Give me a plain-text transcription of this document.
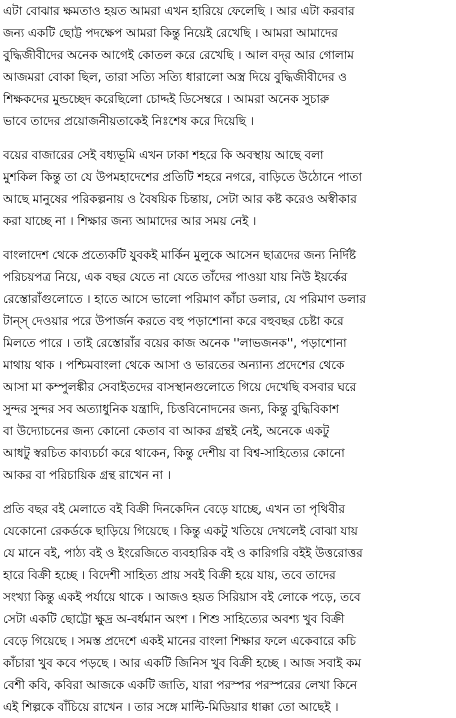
এটা বোঝার ক্ষমতাও হয়ত আমরা এখন হারিয়ে ফেলেছি । আর এটা করবার
জন্য একটি ছোট্ট পদক্ষেপ আমরা কিন্তু নিয়েই রেখেছি । আমরা আমাদের
বুদ্ধিজীবীদের অনেক আগেই কোতল করে রেখেছি । আল বদ্‌র আর গোলাম
আজমরা বোকা ছিল, তারা সত্যি সত্যি ধারালো অস্ত্র দিয়ে বুদ্ধিজীবীদের ও
শিক্ষকদের মুন্ডচ্ছেদ করেছিলো চোদ্দই ডিসেম্বরে । আমরা অনেক সুচারু
ভাবে তাদের প্রয়োজনীয়তাকেই নিঃশেষ করে দিয়েছি ।
বয়ের বাজারের সেই বধ্যভূমি এখন ঢাকা শহরে কি অবস্থায় আছে বলা
মুশকিল কিন্তু তা যে উপমহাদেশের প্রতিটি শহরে নগরে, বাড়িতে উঠোনে পাতা
আছে মানুষের পরিকল্পনায় ও বৈষয়িক চিন্তায়, সেটা আর কষ্ট করেও অস্বীকার
করা যাচ্ছে না । শিক্ষার জন্য আমাদের আর সময় নেই ।
বাংলাদেশ থেকে প্রত্যেকটি যুবকই মার্কিন মুলুকে আসেন ছাত্রদের জন্য নির্দিষ্ট
পরিচয়পত্র নিয়ে, এক বছর যেতে না যেতে তাঁদের পাওয়া যায় নিউ ইয়র্কের
রেস্তোরাঁগুলোতে । হাতে আসে ভালো পরিমাণ কাঁচা ডলার, যে পরিমাণ ডলার
টান্‌স্ দেওয়ার পরে উপার্জন করতে বহু পড়াশোনা করে বহুবছর চেষ্টা করে
মিলতে পারে । তাই রেস্তোরাঁর বয়ের কাজ অনেক ''লাভজনক'', পড়াশোনা
মাথায় থাক । পশ্চিমবাংলা থেকে আসা ও ভারতের অন্যান্য প্রদেশের থেকে
আসা মা কম্পুলঙ্কীর সেবাইতদের বাসস্থানগুলোতে গিয়ে দেখেছি বসবার ঘরে
সুন্দর সুন্দর সব অত্যাধুনিক যন্ত্রাদি, চিত্তবিনোদনের জন্য, কিন্তু বুদ্ধিবিকাশ
বা উদ্যোচনের জন্য কোনো কেতাব বা আকর গ্রন্থই নেই, অনেকে একটু
আধটু স্বরচিত কাব্যচর্চা করে থাকেন, কিন্তু দেশীয় বা বিশ্ব-সাহিত্যের কোনো
আকর বা পরিচায়িক গ্রন্থ রাখেন না ।
প্রতি বছর বই মেলাতে বই বিক্রী দিনকেদিন বেড়ে যাচ্ছে, এখন তা পৃথিবীর
যেকোনো রেকর্ডকে ছাড়িয়ে গিয়েছে । কিন্তু একটু খতিয়ে দেখলেই বোঝা যায়
যে মানে বই, পাঠ্য বই ও ইংরেজিতে ব্যবহারিক বই ও কারিগরি বইই উত্তরোত্তর
হারে বিক্রী হচ্ছে । বিদেশী সাহিত্য প্রায় সবই বিক্রী হয়ে যায়, তবে তাদের
সংখ্যা কিন্তু একই পর্যায়ে থাকে । আজও হয়ত সিরিয়াস বই লোকে পড়ে, তবে
সেটা একটি ছোট্টো ক্ষুদ্র অ-বর্ধমান অংশ । শিশু সাহিত্যের অবশ্য খুব বিক্রী
বেড়ে গিয়েছে । সমস্ত প্রদেশে একই মানের বাংলা শিক্ষার ফলে একেবারে কচি
কাঁচারা খুব কবে পড়ছে । আর একটি জিনিস খুব বিক্রী হচ্ছে । আজ সবাই কম
বেশী কবি, কবিরা আজকে একটি জাতি, যারা পরস্পর পরস্পরের লেখা কিনে
এই শিল্পকে বাঁচিয়ে রাখেন । তার সঙ্গে মাল্টি-মিডিয়ার ধাক্কা তো আছেই ।
